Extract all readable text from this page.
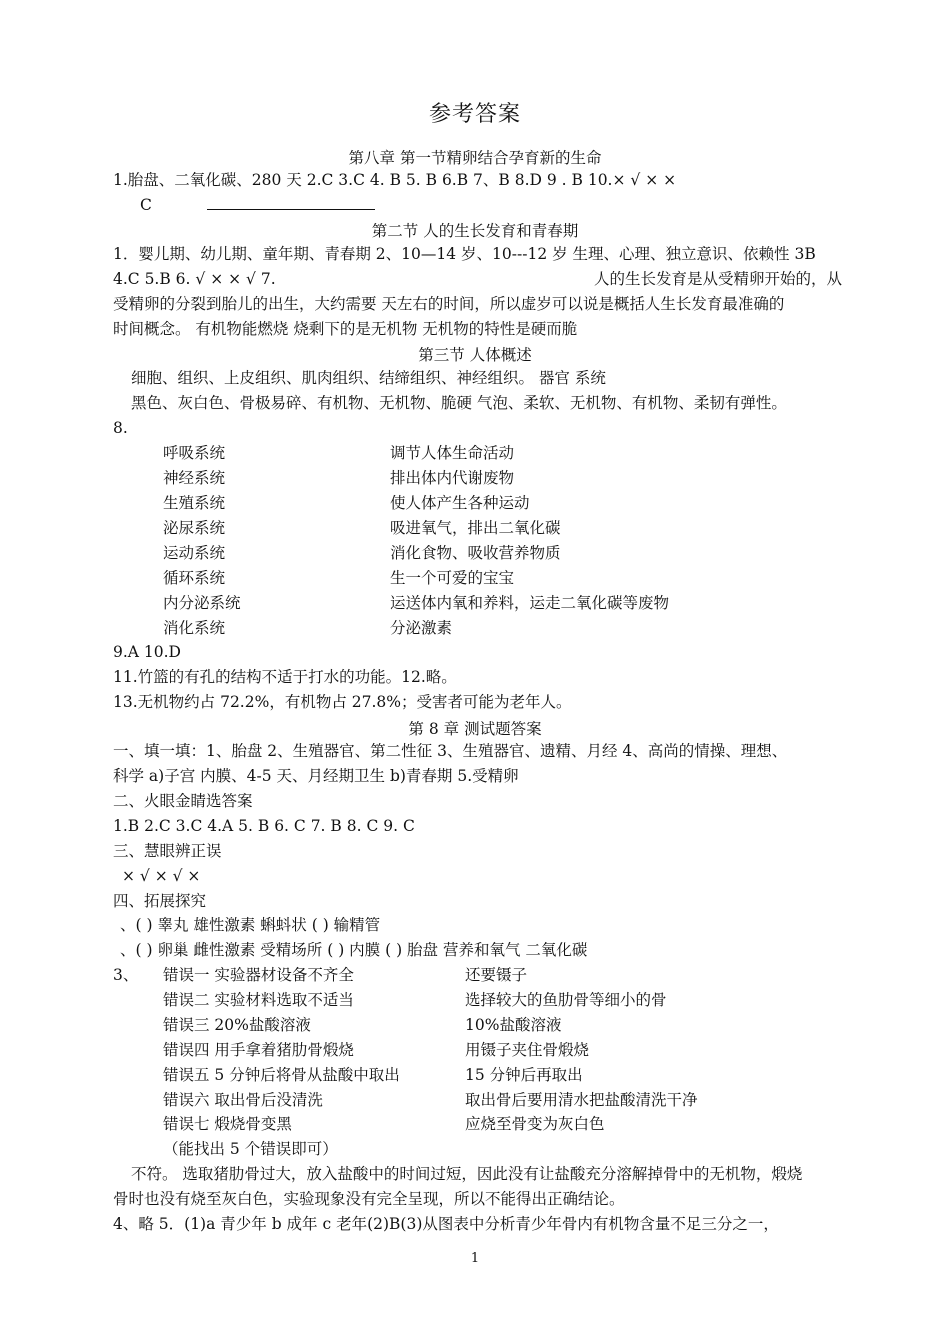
参考答案
第八章 第一节精卵结合孕育新的生命
1.胎盘、二氧化碳、280 天 2.C 3.C 4. B 5. B 6.B 7、B 8.D 9 . B 10.× √ × ×
C
第二节 人的生长发育和青春期
1．婴儿期、幼儿期、童年期、青春期 2、10—14 岁、10---12 岁 生理、心理、独立意识、依赖性 3B
4.C 5.B 6. √ × × √ 7.	人的生长发育是从受精卵开始的，从
受精卵的分裂到胎儿的出生，大约需要 天左右的时间，所以虚岁可以说是概括人生长发育最准确的
时间概念。 有机物能燃烧 烧剩下的是无机物 无机物的特性是硬而脆
第三节 人体概述
细胞、组织、上皮组织、肌肉组织、结缔组织、神经组织。 器官 系统
黑色、灰白色、骨极易碎、有机物、无机物、脆硬 气泡、柔软、无机物、有机物、柔韧有弹性。
8.
呼吸系统	调节人体生命活动
神经系统	排出体内代谢废物
生殖系统	使人体产生各种运动
泌尿系统	吸进氧气，排出二氧化碳
运动系统	消化食物、吸收营养物质
循环系统	生一个可爱的宝宝
内分泌系统	运送体内氧和养料，运走二氧化碳等废物
消化系统	分泌激素
9.A 10.D
11.竹篮的有孔的结构不适于打水的功能。12.略。
13.无机物约占 72.2%，有机物占 27.8%；受害者可能为老年人。
第 8 章 测试题答案
一、填一填：1、胎盘 2、生殖器官、第二性征 3、生殖器官、遗精、月经 4、高尚的情操、理想、
科学 a)子宫 内膜、4-5 天、月经期卫生 b)青春期 5.受精卵
二、火眼金睛选答案
1.B 2.C 3.C 4.A 5. B 6. C 7. B 8. C 9. C
三、慧眼辨正误
× √ × √ ×
四、拓展探究
、( ) 睾丸 雄性激素 蝌蚪状 ( ) 输精管
、( ) 卵巢 雌性激素 受精场所 ( ) 内膜 ( ) 胎盘 营养和氧气 二氧化碳
3、 错误一 实验器材设备不齐全	还要镊子
错误二 实验材料选取不适当	选择较大的鱼肋骨等细小的骨
错误三 20%盐酸溶液	10%盐酸溶液
错误四 用手拿着猪肋骨煅烧	用镊子夹住骨煅烧
错误五 5 分钟后将骨从盐酸中取出	15 分钟后再取出
错误六 取出骨后没清洗	取出骨后要用清水把盐酸清洗干净
错误七 煅烧骨变黑	应烧至骨变为灰白色
（能找出 5 个错误即可）
不符。 选取猪肋骨过大，放入盐酸中的时间过短，因此没有让盐酸充分溶解掉骨中的无机物，煅烧
骨时也没有烧至灰白色，实验现象没有完全呈现，所以不能得出正确结论。
4、略 5．(1)a 青少年 b 成年 c 老年(2)B(3)从图表中分析青少年骨内有机物含量不足三分之一，
1
